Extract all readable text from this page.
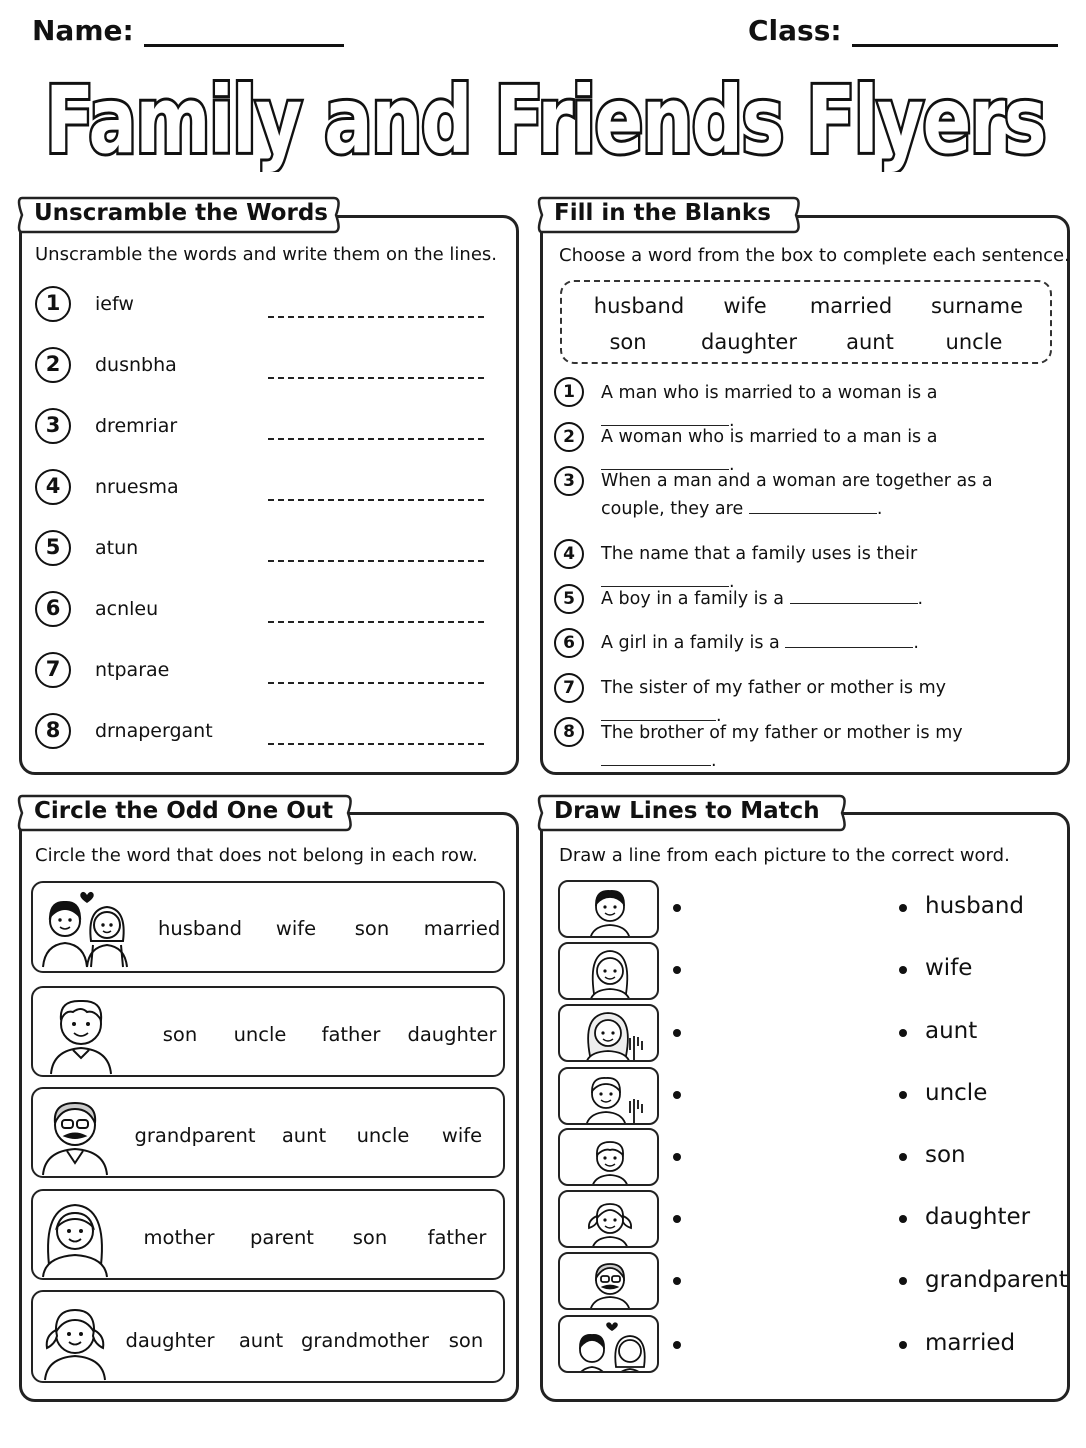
Name:	Class:
Family and Friends Flyers
Unscramble the Words	Fill in the Blanks
Circle the Odd One Out	Draw Lines to Match
Unscramble the words and write them on the lines.	Choose a word from the box to complete each sentence.
Circle the word that does not belong in each row.	Draw a line from each picture to the correct word.
1	iefw
2	dusnbha
3	dremriar
4	nruesma
5	atun
6	acnleu
7	ntparae
8	drnapergant
husband wife married surname
son	daughter aunt uncle
1	A man who is married to a woman is a .
2	A woman who is married to a man is a .
3	When a man and a woman are together as a couple, they are	.
4	The name that a family uses is their .
5	A boy in a family is a	.
6	A girl in a family is a	.
7	The sister of my father or mother is my .
8	The brother of my father or mother is my .
husband wife son married
son uncle father daughter
grandparent aunt uncle wife
mother parent son father
daughter aunt grandmother son
husband
wife
aunt
uncle
son
daughter
grandparent
married
